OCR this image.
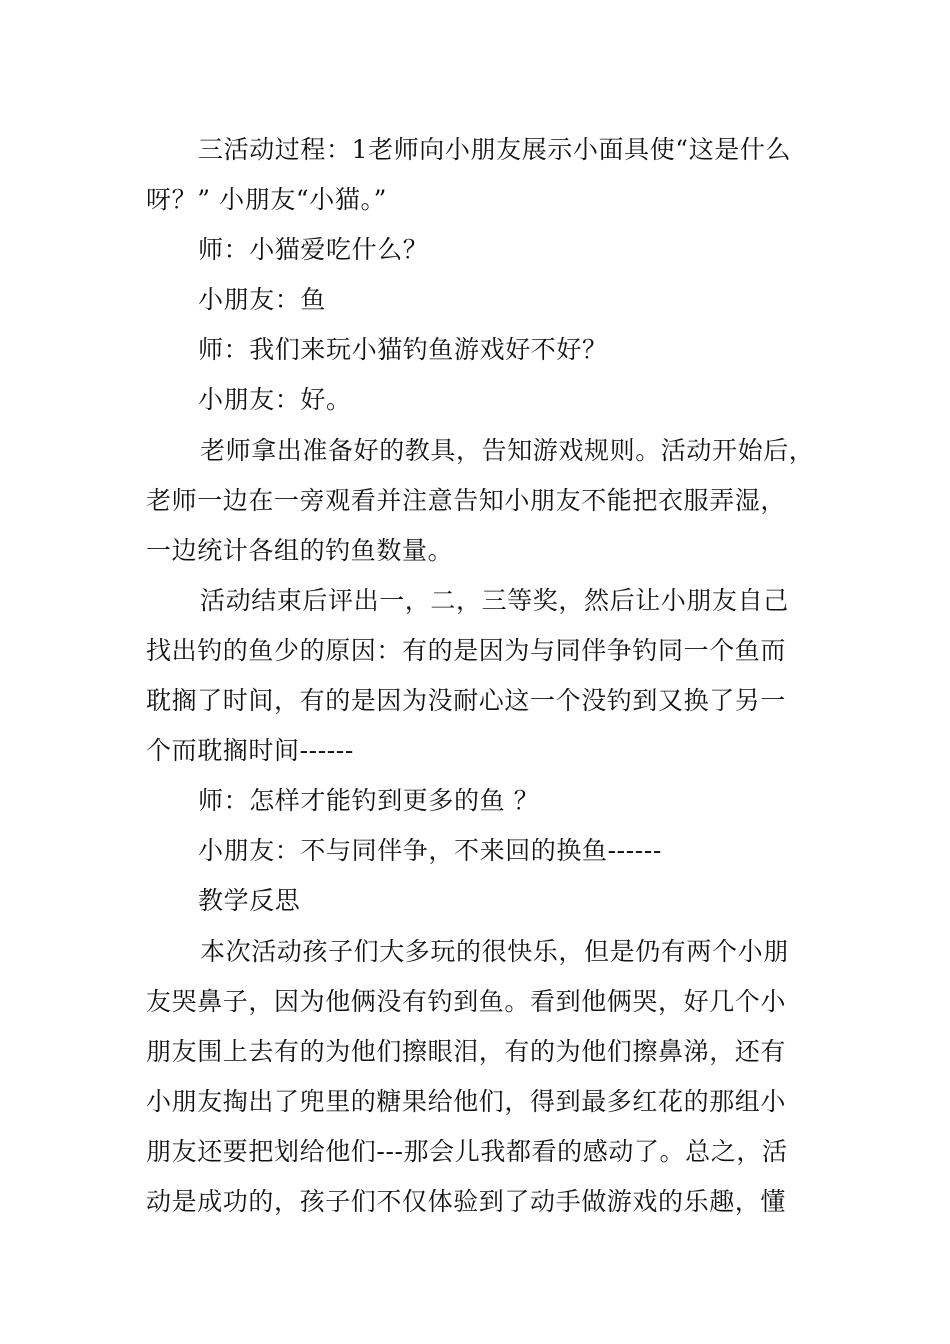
三活动过程：1老师向小朋友展示小面具使“这是什么
呀？” 小朋友“小猫。”
师：小猫爱吃什么？
小朋友：鱼
师：我们来玩小猫钓鱼游戏好不好？
小朋友：好。
老师拿出准备好的教具，告知游戏规则。活动开始后，
老师一边在一旁观看并注意告知小朋友不能把衣服弄湿，
一边统计各组的钓鱼数量。
活动结束后评出一，二，三等奖，然后让小朋友自己
找出钓的鱼少的原因：有的是因为与同伴争钓同一个鱼而
耽搁了时间，有的是因为没耐心这一个没钓到又换了另一
个而耽搁时间------
师：怎样才能钓到更多的鱼 ？
小朋友：不与同伴争，不来回的换鱼------
教学反思
本次活动孩子们大多玩的很快乐，但是仍有两个小朋
友哭鼻子，因为他俩没有钓到鱼。看到他俩哭，好几个小
朋友围上去有的为他们擦眼泪，有的为他们擦鼻涕，还有
小朋友掏出了兜里的糖果给他们，得到最多红花的那组小
朋友还要把划给他们---那会儿我都看的感动了。总之，活
动是成功的，孩子们不仅体验到了动手做游戏的乐趣，懂
